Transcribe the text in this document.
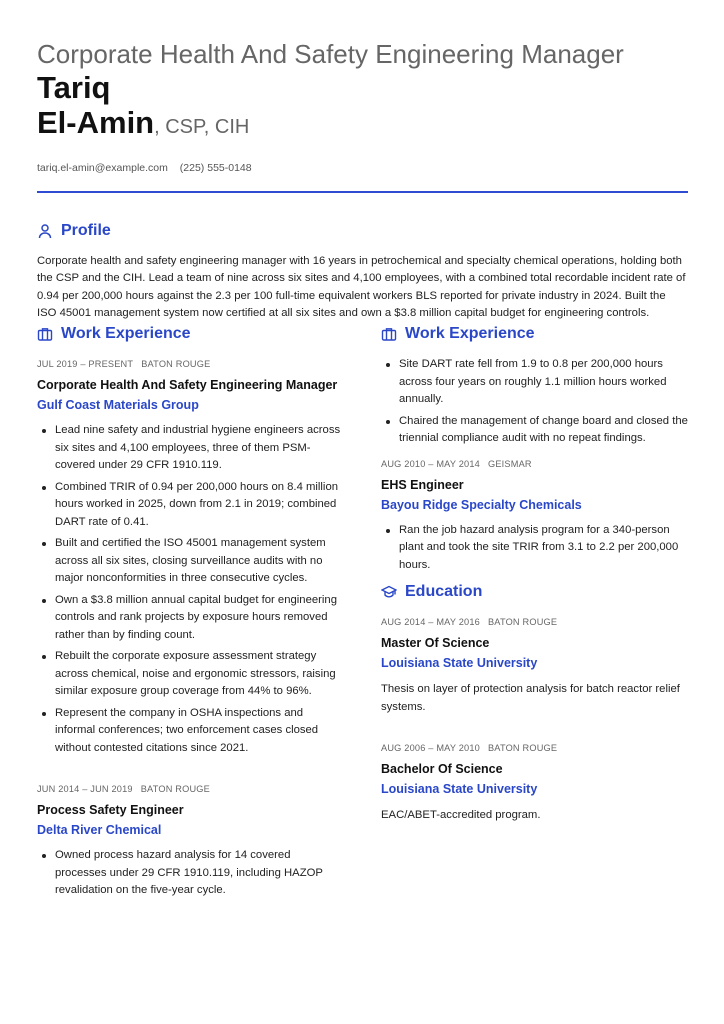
Corporate Health And Safety Engineering Manager Tariq
El-Amin, CSP, CIH
tariq.el-amin@example.com (225) 555-0148
Profile
Corporate health and safety engineering manager with 16 years in petrochemical and specialty chemical operations, holding both the CSP and the CIH. Lead a team of nine across six sites and 4,100 employees, with a combined total recordable incident rate of 0.94 per 200,000 hours against the 2.3 per 100 full-time equivalent workers BLS reported for private industry in 2024. Built the ISO 45001 management system now certified at all six sites and own a $3.8 million capital budget for engineering controls.
Work Experience
JUL 2019 – PRESENT BATON ROUGE
Corporate Health And Safety Engineering Manager
Gulf Coast Materials Group
Lead nine safety and industrial hygiene engineers across six sites and 4,100 employees, three of them PSM-covered under 29 CFR 1910.119.
Combined TRIR of 0.94 per 200,000 hours on 8.4 million hours worked in 2025, down from 2.1 in 2019; combined DART rate of 0.41.
Built and certified the ISO 45001 management system across all six sites, closing surveillance audits with no major nonconformities in three consecutive cycles.
Own a $3.8 million annual capital budget for engineering controls and rank projects by exposure hours removed rather than by finding count.
Rebuilt the corporate exposure assessment strategy across chemical, noise and ergonomic stressors, raising similar exposure group coverage from 44% to 96%.
Represent the company in OSHA inspections and informal conferences; two enforcement cases closed without contested citations since 2021.
JUN 2014 – JUN 2019 BATON ROUGE
Process Safety Engineer
Delta River Chemical
Owned process hazard analysis for 14 covered processes under 29 CFR 1910.119, including HAZOP revalidation on the five-year cycle.
Work Experience
Site DART rate fell from 1.9 to 0.8 per 200,000 hours across four years on roughly 1.1 million hours worked annually.
Chaired the management of change board and closed the triennial compliance audit with no repeat findings.
AUG 2010 – MAY 2014 GEISMAR
EHS Engineer
Bayou Ridge Specialty Chemicals
Ran the job hazard analysis program for a 340-person plant and took the site TRIR from 3.1 to 2.2 per 200,000 hours.
Education
AUG 2014 – MAY 2016 BATON ROUGE
Master Of Science
Louisiana State University
Thesis on layer of protection analysis for batch reactor relief systems.
AUG 2006 – MAY 2010 BATON ROUGE
Bachelor Of Science
Louisiana State University
EAC/ABET-accredited program.
